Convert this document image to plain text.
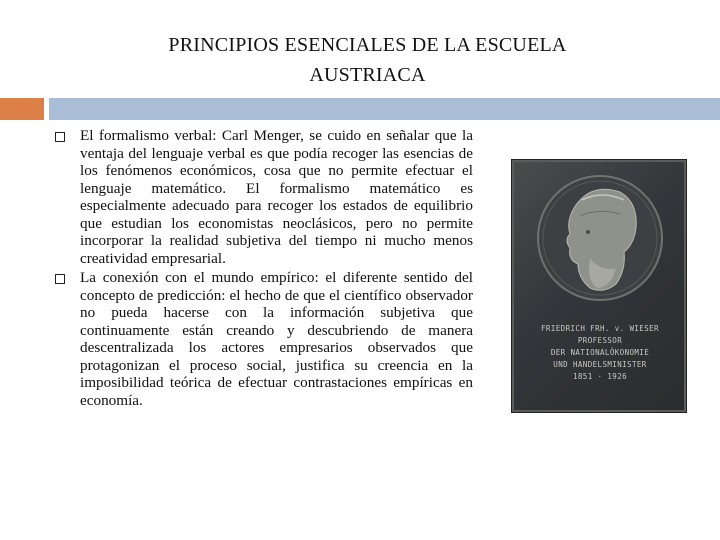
PRINCIPIOS ESENCIALES DE LA ESCUELA
AUSTRIACA

El formalismo verbal: Carl Menger, se cuido en señalar que la ventaja del lenguaje verbal es que podía recoger las esencias de los fenómenos económicos, cosa que no permite efectuar el lenguaje matemático. El formalismo matemático es especialmente adecuado para recoger los estados de equilibrio que estudian los economistas neoclásicos, pero no permite incorporar la realidad subjetiva del tiempo ni mucho menos creatividad empresarial.

La conexión con el mundo empírico: el diferente sentido del concepto de predicción: el hecho de que el científico observador no pueda hacerse con la información subjetiva que continuamente están creando y descubriendo de manera descentralizada los actores empresarios observados que protagonizan el proceso social, justifica su creencia en la imposibilidad teórica de efectuar contrastaciones empíricas en economía.

FRIEDRICH FRH. v. WIESER
PROFESSOR
DER NATIONALÖKONOMIE
UND HANDELSMINISTER
1851 · 1926
